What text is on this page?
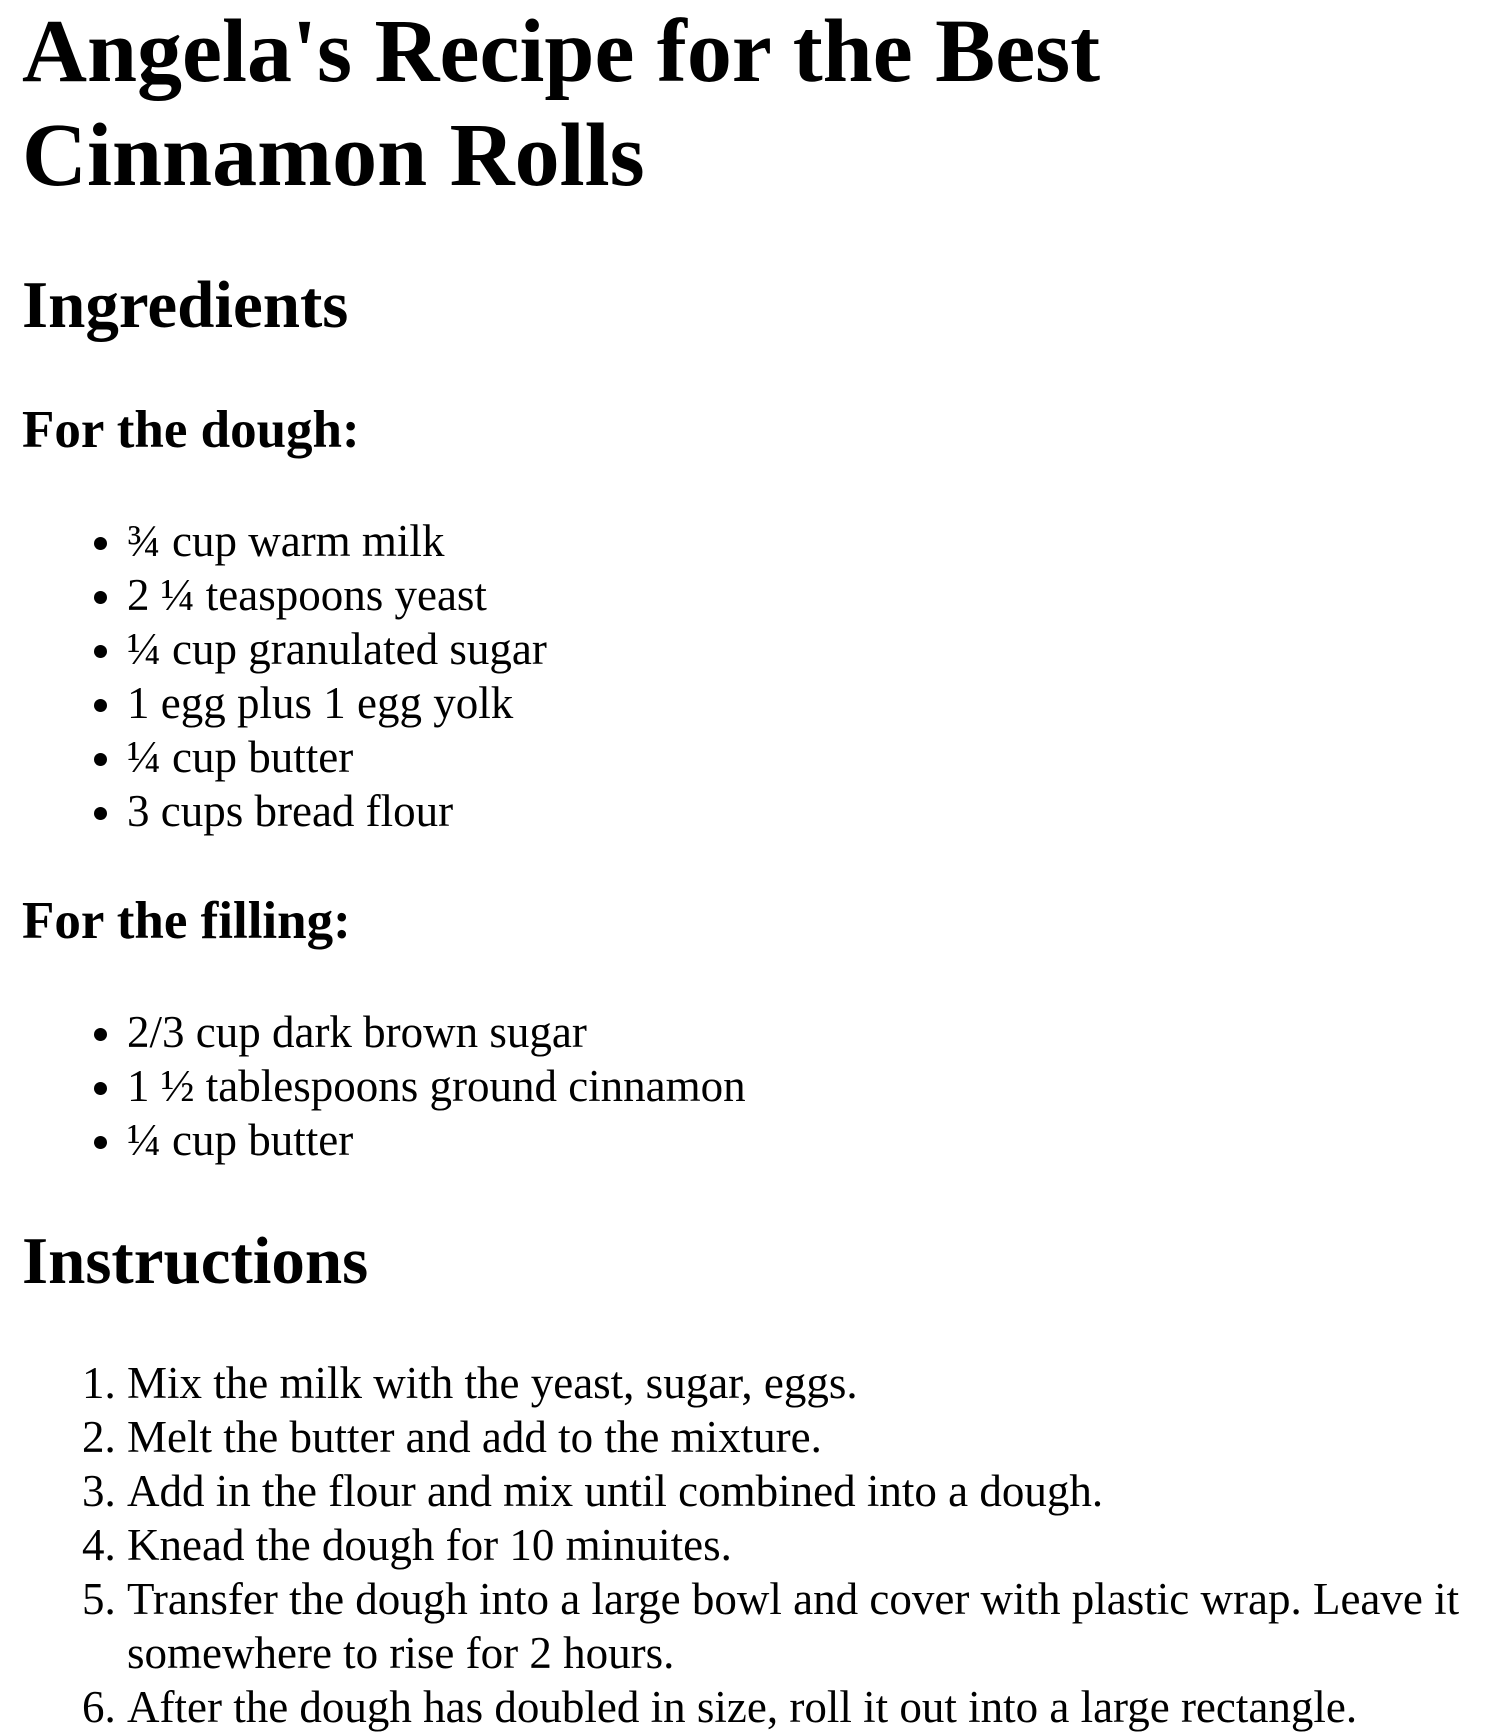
Angela's Recipe for the Best Cinnamon Rolls
Ingredients
For the dough:
• ¾ cup warm milk
• 2 ¼ teaspoons yeast
• ¼ cup granulated sugar
• 1 egg plus 1 egg yolk
• ¼ cup butter
• 3 cups bread flour
For the filling:
• 2/3 cup dark brown sugar
• 1 ½ tablespoons ground cinnamon
• ¼ cup butter
Instructions
1. Mix the milk with the yeast, sugar, eggs.
2. Melt the butter and add to the mixture.
3. Add in the flour and mix until combined into a dough.
4. Knead the dough for 10 minuites.
5. Transfer the dough into a large bowl and cover with plastic wrap. Leave it somewhere to rise for 2 hours.
6. After the dough has doubled in size, roll it out into a large rectangle.
